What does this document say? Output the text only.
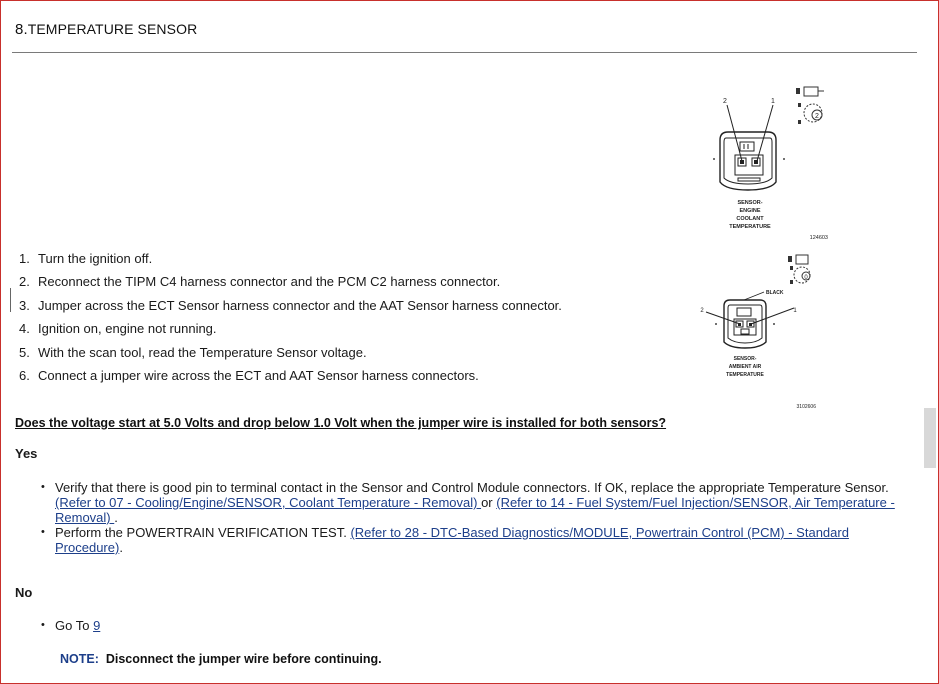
8.TEMPERATURE SENSOR
2
2	1
SENSOR-
ENGINE
COOLANT
TEMPERATURE
124603
0
BLACK
2	1
SENSOR-
AMBIENT AIR
TEMPERATURE
3102606
1. Turn the ignition off.
2. Reconnect the TIPM C4 harness connector and the PCM C2 harness connector.
3. Jumper across the ECT Sensor harness connector and the AAT Sensor harness connector.
4. Ignition on, engine not running.
5. With the scan tool, read the Temperature Sensor voltage.
6. Connect a jumper wire across the ECT and AAT Sensor harness connectors.
Does the voltage start at 5.0 Volts and drop below 1.0 Volt when the jumper wire is installed for both sensors?
Yes
• Verify that there is good pin to terminal contact in the Sensor and Control Module connectors. If OK, replace the appropriate Temperature Sensor. (Refer to 07 - Cooling/Engine/SENSOR, Coolant Temperature - Removal) or (Refer to 14 - Fuel System/Fuel Injection/SENSOR, Air Temperature - Removal) .
• Perform the POWERTRAIN VERIFICATION TEST. (Refer to 28 - DTC-Based Diagnostics/MODULE, Powertrain Control (PCM) - Standard Procedure).
No
• Go To 9
NOTE: Disconnect the jumper wire before continuing.
